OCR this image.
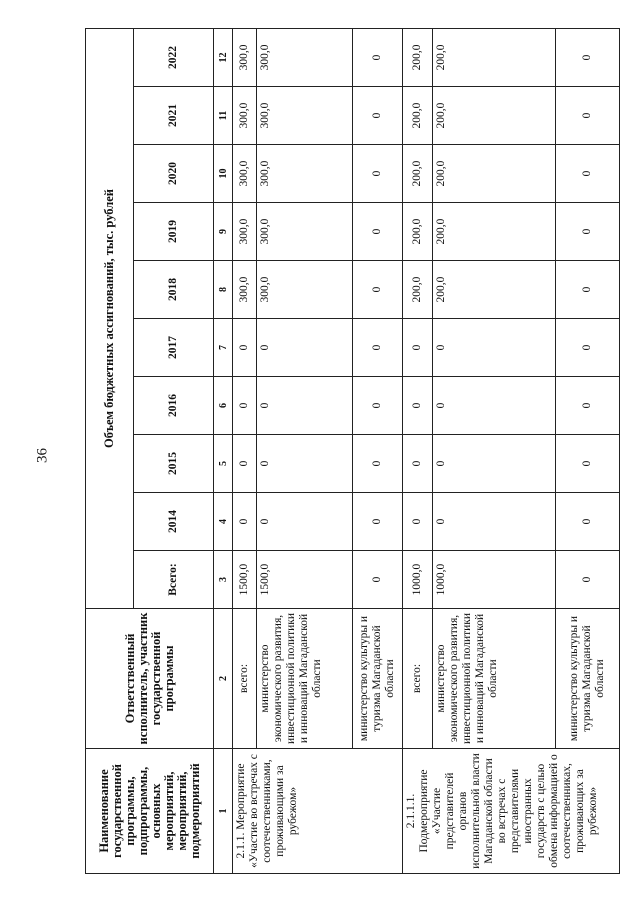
36
Наименование государственной программы, подпрограммы, основных мероприятий, мероприятий, подмероприятий	Ответственный исполнитель, участник государственной программы	Объем бюджетных ассигнований, тыс. рублей									
		Всего:	2014	2015	2016	2017	2018	2019	2020	2021	2022
1	2	3	4	5	6	7	8	9	10	11	12
2.1.1. Мероприятие «Участие во встречах с соотечественниками, проживающими за рубежом»	всего:	1500,0	0	0	0	0	300,0	300,0	300,0	300,0	300,0
	министерство экономического развития, инвестиционной политики и инноваций Магаданской области	1500,0	0	0	0	0	300,0	300,0	300,0	300,0	300,0
	министерство культуры и туризма Магаданской области	0	0	0	0	0	0	0	0	0	0
2.1.1.1. Подмероприятие «Участие представителей органов исполнительной власти Магаданской области во встречах с представителями иностранных государств с целью обмена информацией о соотечественниках, проживающих за рубежом»	всего:	1000,0	0	0	0	0	200,0	200,0	200,0	200,0	200,0
	министерство экономического развития, инвестиционной политики и инноваций Магаданской области	1000,0	0	0	0	0	200,0	200,0	200,0	200,0	200,0
	министерство культуры и туризма Магаданской области	0	0	0	0	0	0	0	0	0	0
